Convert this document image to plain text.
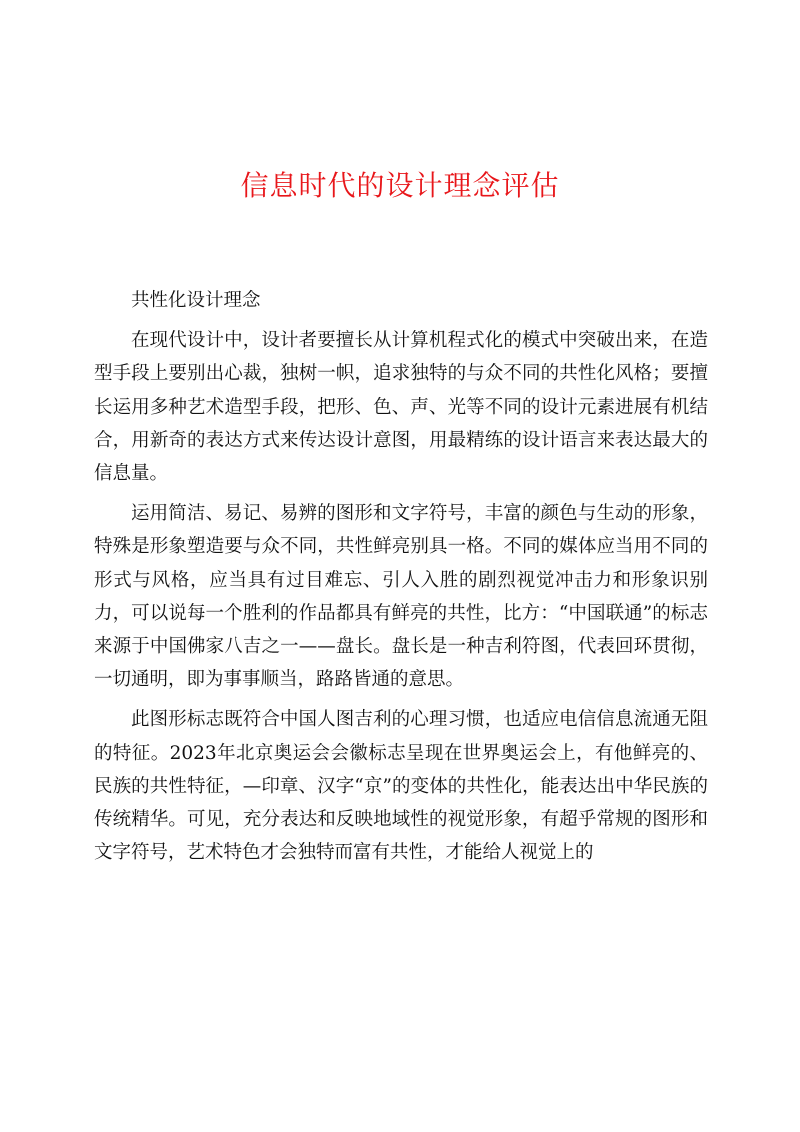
信息时代的设计理念评估

共性化设计理念

在现代设计中，设计者要擅长从计算机程式化的模式中突破出来，在造型手段上要别出心裁，独树一帜，追求独特的与众不同的共性化风格；要擅长运用多种艺术造型手段，把形、色、声、光等不同的设计元素进展有机结合，用新奇的表达方式来传达设计意图，用最精练的设计语言来表达最大的信息量。

运用简洁、易记、易辨的图形和文字符号，丰富的颜色与生动的形象，特殊是形象塑造要与众不同，共性鲜亮别具一格。不同的媒体应当用不同的形式与风格，应当具有过目难忘、引人入胜的剧烈视觉冲击力和形象识别力，可以说每一个胜利的作品都具有鲜亮的共性，比方：“中国联通”的标志来源于中国佛家八吉之一——盘长。盘长是一种吉利符图，代表回环贯彻，一切通明，即为事事顺当，路路皆通的意思。

此图形标志既符合中国人图吉利的心理习惯，也适应电信信息流通无阻的特征。2023年北京奥运会会徽标志呈现在世界奥运会上，有他鲜亮的、民族的共性特征，—印章、汉字“京”的变体的共性化，能表达出中华民族的传统精华。可见，充分表达和反映地域性的视觉形象，有超乎常规的图形和文字符号，艺术特色才会独特而富有共性，才能给人视觉上的
